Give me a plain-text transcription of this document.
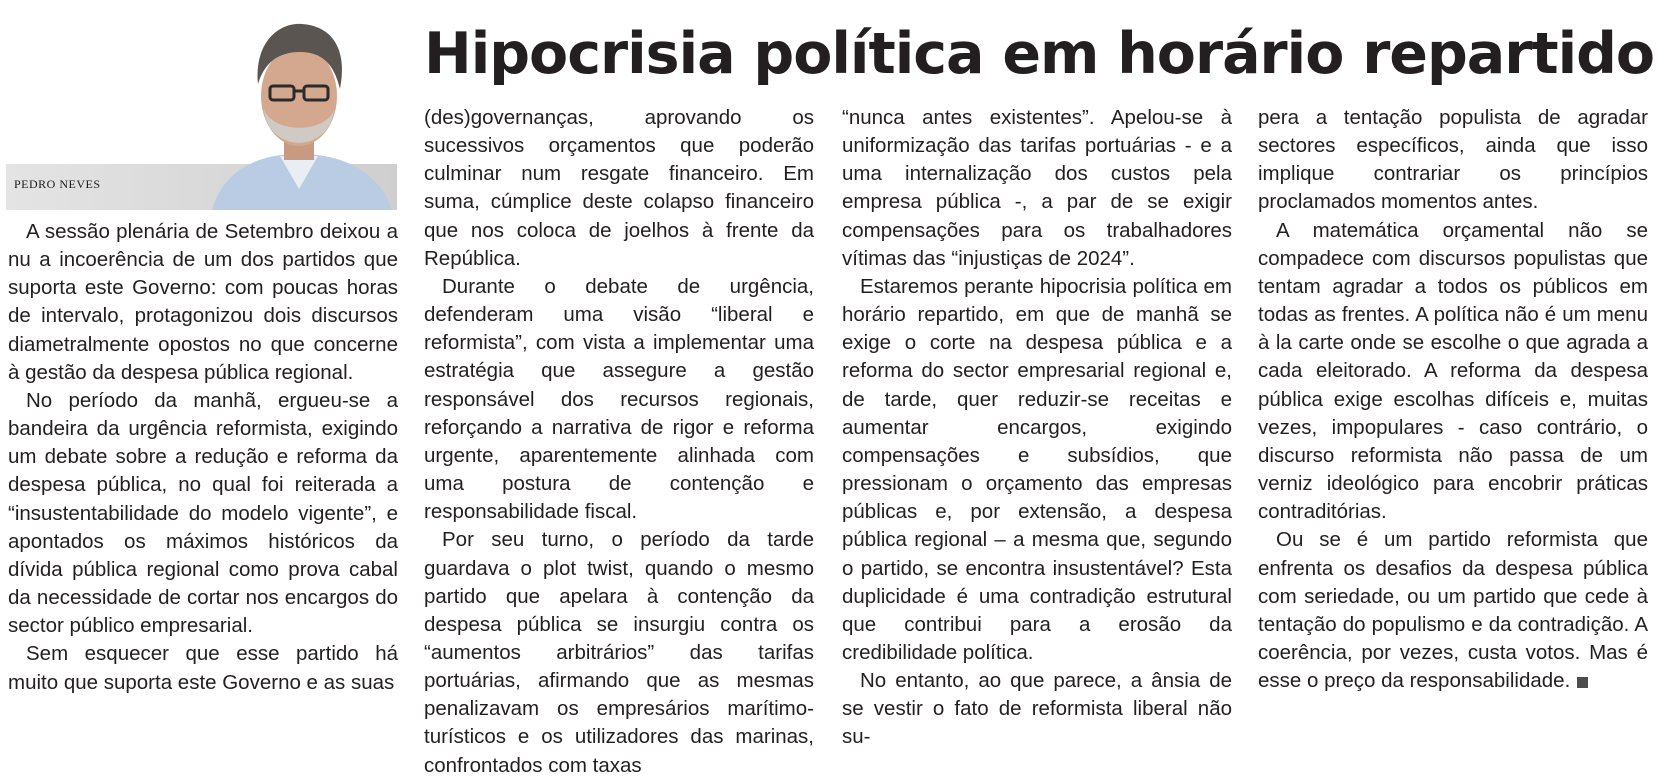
PEDRO NEVES
Hipocrisia política em horário repartido

A sessão plenária de Setembro deixou a nu a incoerência de um dos partidos que suporta este Governo: com poucas horas de intervalo, protagonizou dois discursos diametralmente opostos no que concerne à gestão da despesa pública regional.

No período da manhã, ergueu-se a bandeira da urgência reformista, exigindo um debate sobre a redução e reforma da despesa pública, no qual foi reiterada a “insustentabilidade do modelo vigente”, e apontados os máximos históricos da dívida pública regional como prova cabal da necessidade de cortar nos encargos do sector público empresarial.

Sem esquecer que esse partido há muito que suporta este Governo e as suas

(des)governanças, aprovando os sucessivos orçamentos que poderão culminar num resgate financeiro. Em suma, cúmplice deste colapso financeiro que nos coloca de joelhos à frente da República.

Durante o debate de urgência, defenderam uma visão “liberal e reformista”, com vista a implementar uma estratégia que assegure a gestão responsável dos recursos regionais, reforçando a narrativa de rigor e reforma urgente, aparentemente alinhada com uma postura de contenção e responsabilidade fiscal.

Por seu turno, o período da tarde guardava o plot twist, quando o mesmo partido que apelara à contenção da despesa pública se insurgiu contra os “aumentos arbitrários” das tarifas portuárias, afirmando que as mesmas penalizavam os empresários marítimo-turísticos e os utilizadores das marinas, confrontados com taxas

“nunca antes existentes”. Apelou-se à uniformização das tarifas portuárias - e a uma internalização dos custos pela empresa pública -, a par de se exigir compensações para os trabalhadores vítimas das “injustiças de 2024”.

Estaremos perante hipocrisia política em horário repartido, em que de manhã se exige o corte na despesa pública e a reforma do sector empresarial regional e, de tarde, quer reduzir-se receitas e aumentar encargos, exigindo compensações e subsídios, que pressionam o orçamento das empresas públicas e, por extensão, a despesa pública regional – a mesma que, segundo o partido, se encontra insustentável? Esta duplicidade é uma contradição estrutural que contribui para a erosão da credibilidade política.

No entanto, ao que parece, a ânsia de se vestir o fato de reformista liberal não su-

pera a tentação populista de agradar sectores específicos, ainda que isso implique contrariar os princípios proclamados momentos antes.

A matemática orçamental não se compadece com discursos populistas que tentam agradar a todos os públicos em todas as frentes. A política não é um menu à la carte onde se escolhe o que agrada a cada eleitorado. A reforma da despesa pública exige escolhas difíceis e, muitas vezes, impopulares - caso contrário, o discurso reformista não passa de um verniz ideológico para encobrir práticas contraditórias.

Ou se é um partido reformista que enfrenta os desafios da despesa pública com seriedade, ou um partido que cede à tentação do populismo e da contradição. A coerência, por vezes, custa votos. Mas é esse o preço da responsabilidade.
